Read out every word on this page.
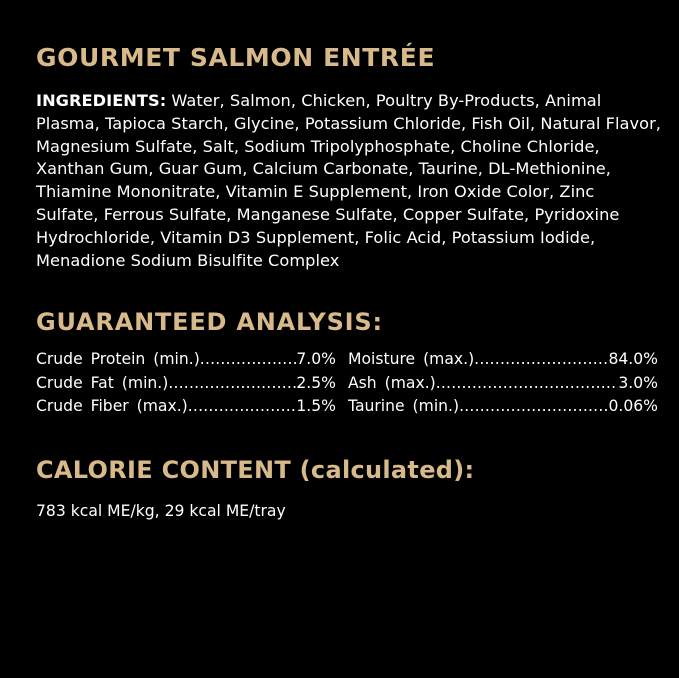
GOURMET SALMON ENTRÉE
INGREDIENTS: Water, Salmon, Chicken, Poultry By-Products, Animal Plasma, Tapioca Starch, Glycine, Potassium Chloride, Fish Oil, Natural Flavor, Magnesium Sulfate, Salt, Sodium Tripolyphosphate, Choline Chloride, Xanthan Gum, Guar Gum, Calcium Carbonate, Taurine, DL-Methionine, Thiamine Mononitrate, Vitamin E Supplement, Iron Oxide Color, Zinc Sulfate, Ferrous Sulfate, Manganese Sulfate, Copper Sulfate, Pyridoxine Hydrochloride, Vitamin D3 Supplement, Folic Acid, Potassium Iodide, Menadione Sodium Bisulfite Complex
GUARANTEED ANALYSIS:
Crude Protein (min.) .....	7.0% Moisture (max.) .....	84.0%
Crude Fat (min.) .....	2.5% Ash (max.) .....	3.0%
Crude Fiber (max.) .....	1.5% Taurine (min.) .....	0.06%
CALORIE CONTENT (calculated):
783 kcal ME/kg, 29 kcal ME/tray
